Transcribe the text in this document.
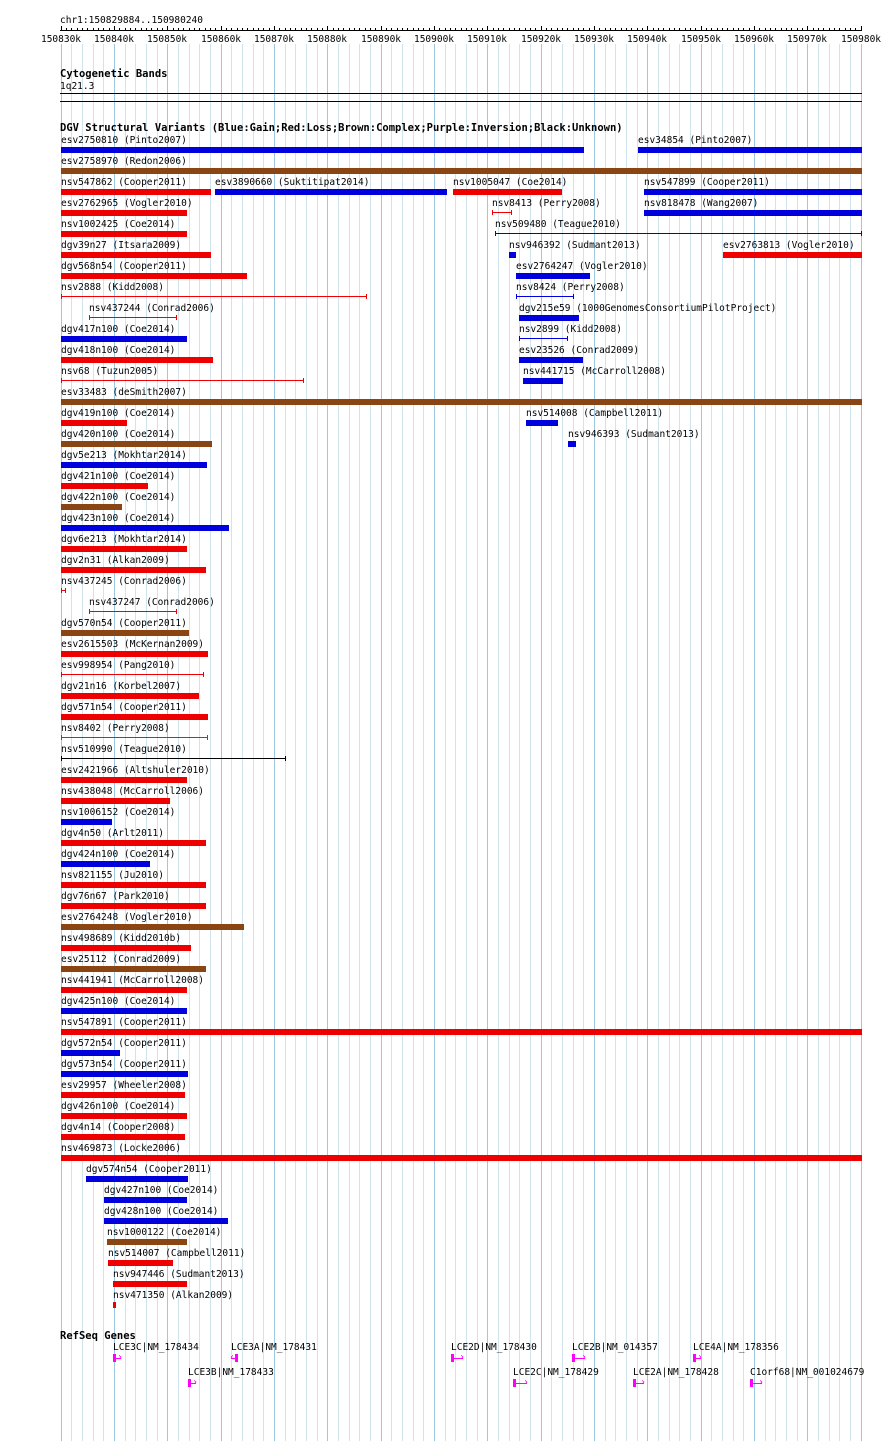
chr1:150829884..150980240
150830k 150840k 150850k 150860k 150870k 150880k 150890k 150900k 150910k 150920k 150930k 150940k 150950k 150960k 150970k 150980k
Cytogenetic Bands
1q21.3
DGV Structural Variants (Blue:Gain;Red:Loss;Brown:Complex;Purple:Inversion;Black:Unknown)
esv2750810 (Pinto2007)	esv34854 (Pinto2007)
esv2758970 (Redon2006)
nsv547862 (Cooper2011)	esv3890660 (Suktitipat2014)	nsv1005047 (Coe2014)	nsv547899 (Cooper2011)
esv2762965 (Vogler2010)	nsv8413 (Perry2008)	nsv818478 (Wang2007)
nsv1002425 (Coe2014)	nsv509480 (Teague2010)
dgv39n27 (Itsara2009)	nsv946392 (Sudmant2013)	esv2763813 (Vogler2010)
dgv568n54 (Cooper2011)	esv2764247 (Vogler2010)
nsv2888 (Kidd2008)	nsv8424 (Perry2008)
nsv437244 (Conrad2006)	dgv215e59 (1000GenomesConsortiumPilotProject)
dgv417n100 (Coe2014)	nsv2899 (Kidd2008)
dgv418n100 (Coe2014)	esv23526 (Conrad2009)
nsv68 (Tuzun2005)	nsv441715 (McCarroll2008)
esv33483 (deSmith2007)
dgv419n100 (Coe2014)	nsv514008 (Campbell2011)
dgv420n100 (Coe2014)	nsv946393 (Sudmant2013)
dgv5e213 (Mokhtar2014)
dgv421n100 (Coe2014)
dgv422n100 (Coe2014)
dgv423n100 (Coe2014)
dgv6e213 (Mokhtar2014)
dgv2n31 (Alkan2009)
nsv437245 (Conrad2006)
nsv437247 (Conrad2006)
dgv570n54 (Cooper2011)
esv2615503 (McKernan2009)
esv998954 (Pang2010)
dgv21n16 (Korbel2007)
dgv571n54 (Cooper2011)
nsv8402 (Perry2008)
nsv510990 (Teague2010)
esv2421966 (Altshuler2010)
nsv438048 (McCarroll2006)
nsv1006152 (Coe2014)
dgv4n50 (Arlt2011)
dgv424n100 (Coe2014)
nsv821155 (Ju2010)
dgv76n67 (Park2010)
esv2764248 (Vogler2010)
nsv498689 (Kidd2010b)
esv25112 (Conrad2009)
nsv441941 (McCarroll2008)
dgv425n100 (Coe2014)
nsv547891 (Cooper2011)
dgv572n54 (Cooper2011)
dgv573n54 (Cooper2011)
esv29957 (Wheeler2008)
dgv426n100 (Coe2014)
dgv4n14 (Cooper2008)
nsv469873 (Locke2006)
dgv574n54 (Cooper2011)
dgv427n100 (Coe2014)
dgv428n100 (Coe2014)
nsv1000122 (Coe2014)
nsv514007 (Campbell2011)
nsv947446 (Sudmant2013)
nsv471350 (Alkan2009)
RefSeq Genes
LCE3C|NM_178434
›
LCE3A|NM_178431
‹
LCE2D|NM_178430
›
LCE2B|NM_014357
›
LCE4A|NM_178356
›
LCE3B|NM_178433
›
LCE2C|NM_178429
›
LCE2A|NM_178428
›
C1orf68|NM_001024679
›
